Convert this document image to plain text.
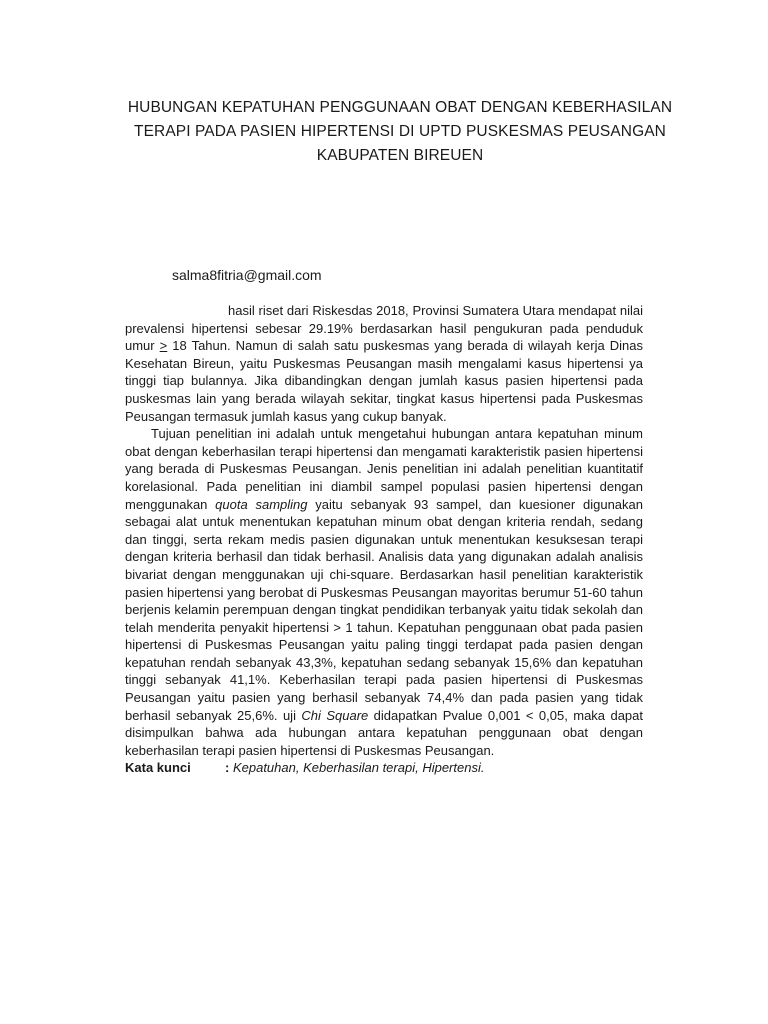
HUBUNGAN KEPATUHAN PENGGUNAAN OBAT DENGAN KEBERHASILAN
TERAPI PADA PASIEN HIPERTENSI DI UPTD PUSKESMAS PEUSANGAN
KABUPATEN BIREUEN
salma8fitria@gmail.com

hasil riset dari Riskesdas 2018, Provinsi Sumatera Utara mendapat nilai prevalensi hipertensi sebesar 29.19% berdasarkan hasil pengukuran pada penduduk umur ≥ 18 Tahun. Namun di salah satu puskesmas yang berada di wilayah kerja Dinas Kesehatan Bireun, yaitu Puskesmas Peusangan masih mengalami kasus hipertensi ya tinggi tiap bulannya. Jika dibandingkan dengan jumlah kasus pasien hipertensi pada puskesmas lain yang berada wilayah sekitar, tingkat kasus hipertensi pada Puskesmas Peusangan termasuk jumlah kasus yang cukup banyak.

Tujuan penelitian ini adalah untuk mengetahui hubungan antara kepatuhan minum obat dengan keberhasilan terapi hipertensi dan mengamati karakteristik pasien hipertensi yang berada di Puskesmas Peusangan. Jenis penelitian ini adalah penelitian kuantitatif korelasional. Pada penelitian ini diambil sampel populasi pasien hipertensi dengan menggunakan quota sampling yaitu sebanyak 93 sampel, dan kuesioner digunakan sebagai alat untuk menentukan kepatuhan minum obat dengan kriteria rendah, sedang dan tinggi, serta rekam medis pasien digunakan untuk menentukan kesuksesan terapi dengan kriteria berhasil dan tidak berhasil. Analisis data yang digunakan adalah analisis bivariat dengan menggunakan uji chi-square. Berdasarkan hasil penelitian karakteristik pasien hipertensi yang berobat di Puskesmas Peusangan mayoritas berumur 51-60 tahun berjenis kelamin perempuan dengan tingkat pendidikan terbanyak yaitu tidak sekolah dan telah menderita penyakit hipertensi > 1 tahun. Kepatuhan penggunaan obat pada pasien hipertensi di Puskesmas Peusangan yaitu paling tinggi terdapat pada pasien dengan kepatuhan rendah sebanyak 43,3%, kepatuhan sedang sebanyak 15,6% dan kepatuhan tinggi sebanyak 41,1%. Keberhasilan terapi pada pasien hipertensi di Puskesmas Peusangan yaitu pasien yang berhasil sebanyak 74,4% dan pada pasien yang tidak berhasil sebanyak 25,6%. uji Chi Square didapatkan Pvalue 0,001 < 0,05, maka dapat disimpulkan bahwa ada hubungan antara kepatuhan penggunaan obat dengan keberhasilan terapi pasien hipertensi di Puskesmas Peusangan.

Kata kunci	: Kepatuhan, Keberhasilan terapi, Hipertensi.
